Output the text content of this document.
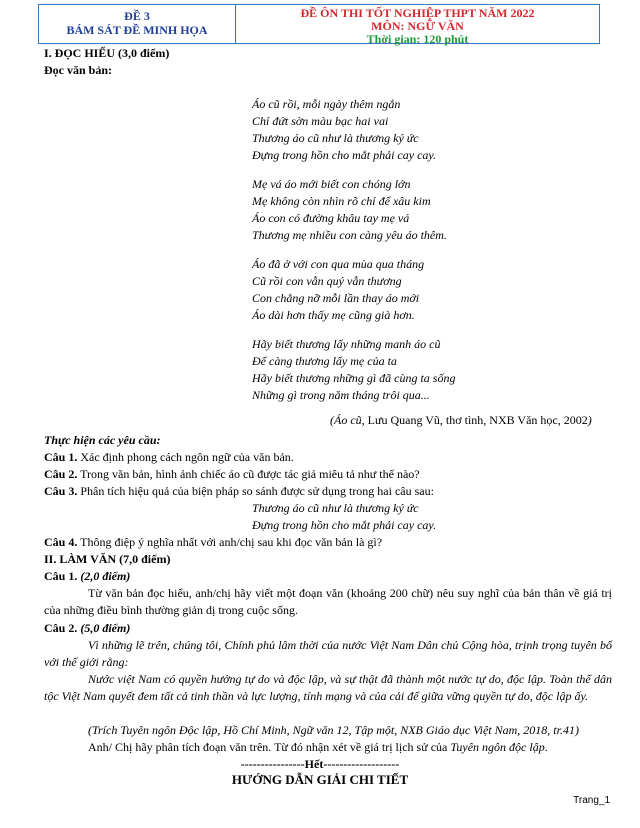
ĐỀ 3
BÁM SÁT ĐỀ MINH HỌA
ĐỀ ÔN THI TỐT NGHIỆP THPT NĂM 2022
MÔN: NGỮ VĂN
Thời gian: 120 phút
I. ĐỌC HIỂU (3,0 điểm)
Đọc văn bản:
Áo cũ rồi, mỗi ngày thêm ngắn
Chỉ đứt sờn màu bạc hai vai
Thương áo cũ như là thương ký ức
Đựng trong hồn cho mắt phải cay cay.
Mẹ vá áo mới biết con chóng lớn
Mẹ không còn nhìn rõ chỉ để xâu kim
Áo con có đường khâu tay mẹ vá
Thương mẹ nhiều con càng yêu áo thêm.
Áo đã ở với con qua mùa qua tháng
Cũ rồi con vẫn quý vẫn thương
Con chẳng nỡ mỗi lần thay áo mới
Áo dài hơn thấy mẹ cũng già hơn.
Hãy biết thương lấy những manh áo cũ
Để càng thương lấy mẹ của ta
Hãy biết thương những gì đã cùng ta sống
Những gì trong năm tháng trôi qua...
(Áo cũ, Lưu Quang Vũ, thơ tình, NXB Văn học, 2002)
Thực hiện các yêu cầu:
Câu 1. Xác định phong cách ngôn ngữ của văn bản.
Câu 2. Trong văn bản, hình ảnh chiếc áo cũ được tác giả miêu tả như thế nào?
Câu 3. Phân tích hiệu quả của biện pháp so sánh được sử dụng trong hai câu sau:
Thương áo cũ như là thương ký ức
Đựng trong hồn cho mắt phải cay cay.
Câu 4. Thông điệp ý nghĩa nhất với anh/chị sau khi đọc văn bản là gì?
II. LÀM VĂN (7,0 điểm)
Câu 1. (2,0 điểm)
Từ văn bản đọc hiểu, anh/chị hãy viết một đoạn văn (khoảng 200 chữ) nêu suy nghĩ của bản thân về giá trị của những điều bình thường giản dị trong cuộc sống.
Câu 2. (5,0 điểm)
Vì những lẽ trên, chúng tôi, Chính phủ lâm thời của nước Việt Nam Dân chủ Cộng hòa, trịnh trọng tuyên bố với thế giới rằng:
Nước việt Nam có quyền hưởng tự do và độc lập, và sự thật đã thành một nước tự do, độc lập. Toàn thể dân tộc Việt Nam quyết đem tất cả tinh thần và lực lượng, tính mạng và của cải để giữa vững quyền tự do, độc lập ấy.
(Trích Tuyên ngôn Độc lập, Hồ Chí Minh, Ngữ văn 12, Tập một, NXB Giáo dục Việt Nam, 2018, tr.41)
Anh/ Chị hãy phân tích đoạn văn trên. Từ đó nhận xét về giá trị lịch sử của Tuyên ngôn độc lập.
----------------Hết-------------------
HƯỚNG DẪN GIẢI CHI TIẾT
Trang_1
